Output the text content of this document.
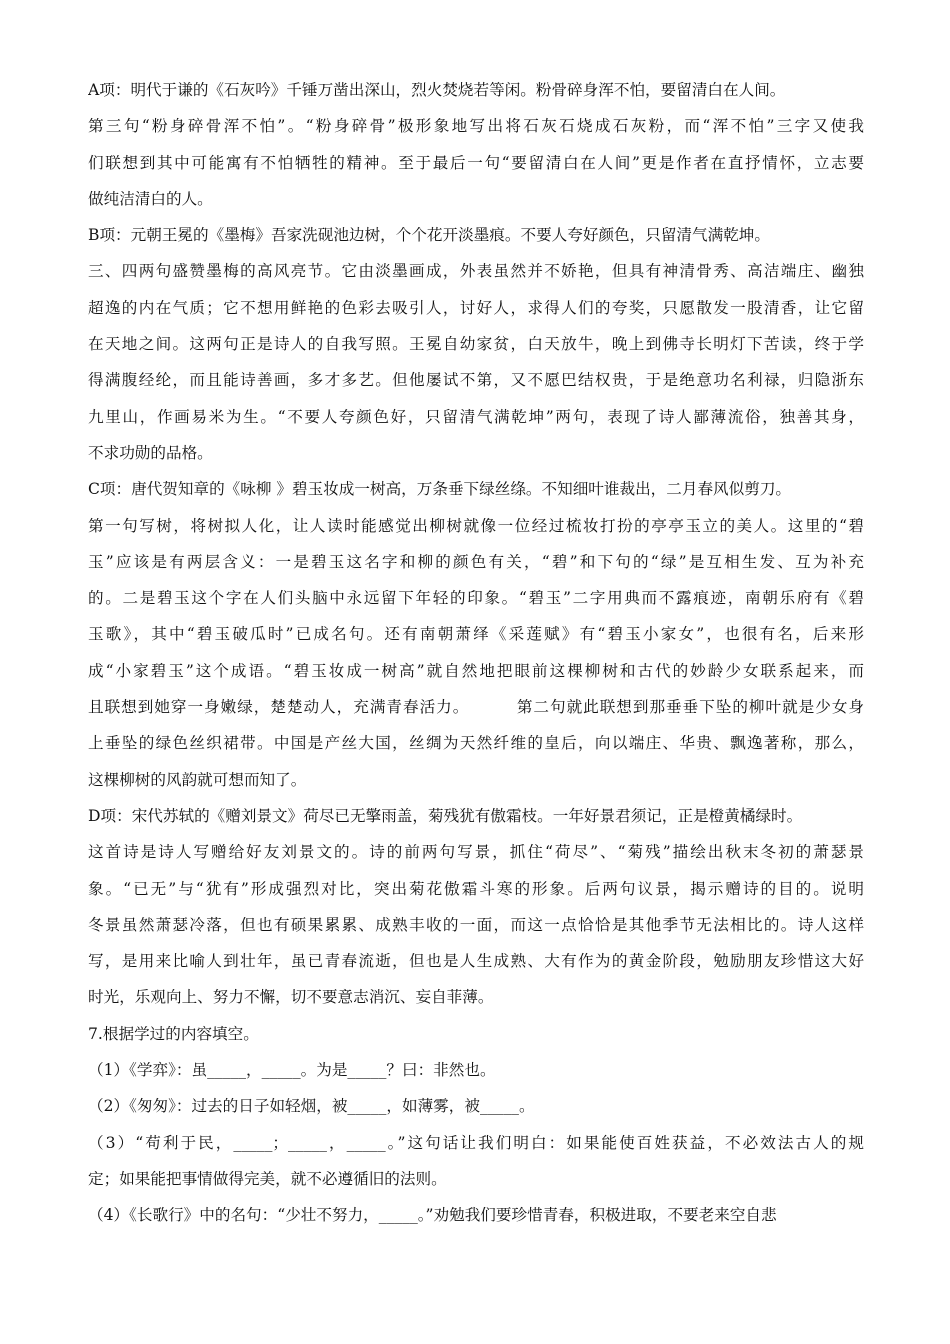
A项：明代于谦的《石灰吟》千锤万凿出深山，烈火焚烧若等闲。粉骨碎身浑不怕，要留清白在人间。
第三句“粉身碎骨浑不怕”。“粉身碎骨”极形象地写出将石灰石烧成石灰粉，而“浑不怕”三字又使我
们联想到其中可能寓有不怕牺牲的精神。至于最后一句“要留清白在人间”更是作者在直抒情怀，立志要
做纯洁清白的人。
B项：元朝王冕的《墨梅》吾家洗砚池边树，个个花开淡墨痕。不要人夸好颜色，只留清气满乾坤。
三、四两句盛赞墨梅的高风亮节。它由淡墨画成，外表虽然并不娇艳，但具有神清骨秀、高洁端庄、幽独
超逸的内在气质；它不想用鲜艳的色彩去吸引人，讨好人，求得人们的夸奖，只愿散发一股清香，让它留
在天地之间。这两句正是诗人的自我写照。王冕自幼家贫，白天放牛，晚上到佛寺长明灯下苦读，终于学
得满腹经纶，而且能诗善画，多才多艺。但他屡试不第，又不愿巴结权贵，于是绝意功名利禄，归隐浙东
九里山，作画易米为生。“不要人夸颜色好，只留清气满乾坤”两句，表现了诗人鄙薄流俗，独善其身，
不求功勋的品格。
C项：唐代贺知章的《咏柳 》碧玉妆成一树高，万条垂下绿丝绦。不知细叶谁裁出，二月春风似剪刀。
第一句写树，将树拟人化，让人读时能感觉出柳树就像一位经过梳妆打扮的亭亭玉立的美人。这里的“碧
玉”应该是有两层含义：一是碧玉这名字和柳的颜色有关，“碧”和下句的“绿”是互相生发、互为补充
的。二是碧玉这个字在人们头脑中永远留下年轻的印象。“碧玉”二字用典而不露痕迹，南朝乐府有《碧
玉歌》，其中“碧玉破瓜时”已成名句。还有南朝萧绎《采莲赋》有“碧玉小家女”，也很有名，后来形
成“小家碧玉”这个成语。“碧玉妆成一树高”就自然地把眼前这棵柳树和古代的妙龄少女联系起来，而
且联想到她穿一身嫩绿，楚楚动人，充满青春活力。        第二句就此联想到那垂垂下坠的柳叶就是少女身
上垂坠的绿色丝织裙带。中国是产丝大国，丝绸为天然纤维的皇后，向以端庄、华贵、飘逸著称，那么，
这棵柳树的风韵就可想而知了。
D项：宋代苏轼的《赠刘景文》荷尽已无擎雨盖，菊残犹有傲霜枝。一年好景君须记，正是橙黄橘绿时。
这首诗是诗人写赠给好友刘景文的。诗的前两句写景，抓住“荷尽”、“菊残”描绘出秋末冬初的萧瑟景
象。“已无”与“犹有”形成强烈对比，突出菊花傲霜斗寒的形象。后两句议景，揭示赠诗的目的。说明
冬景虽然萧瑟冷落，但也有硕果累累、成熟丰收的一面，而这一点恰恰是其他季节无法相比的。诗人这样
写，是用来比喻人到壮年，虽已青春流逝，但也是人生成熟、大有作为的黄金阶段，勉励朋友珍惜这大好
时光，乐观向上、努力不懈，切不要意志消沉、妄自菲薄。
7.根据学过的内容填空。
（1）《学弈》：虽_____，_____。为是_____？曰：非然也。
（2）《匆匆》：过去的日子如轻烟，被_____，如薄雾，被_____。
（3）“苟利于民，_____；_____，_____。”这句话让我们明白：如果能使百姓获益，不必效法古人的规
定；如果能把事情做得完美，就不必遵循旧的法则。
（4）《长歌行》中的名句：“少壮不努力，_____。”劝勉我们要珍惜青春，积极进取，不要老来空自悲
